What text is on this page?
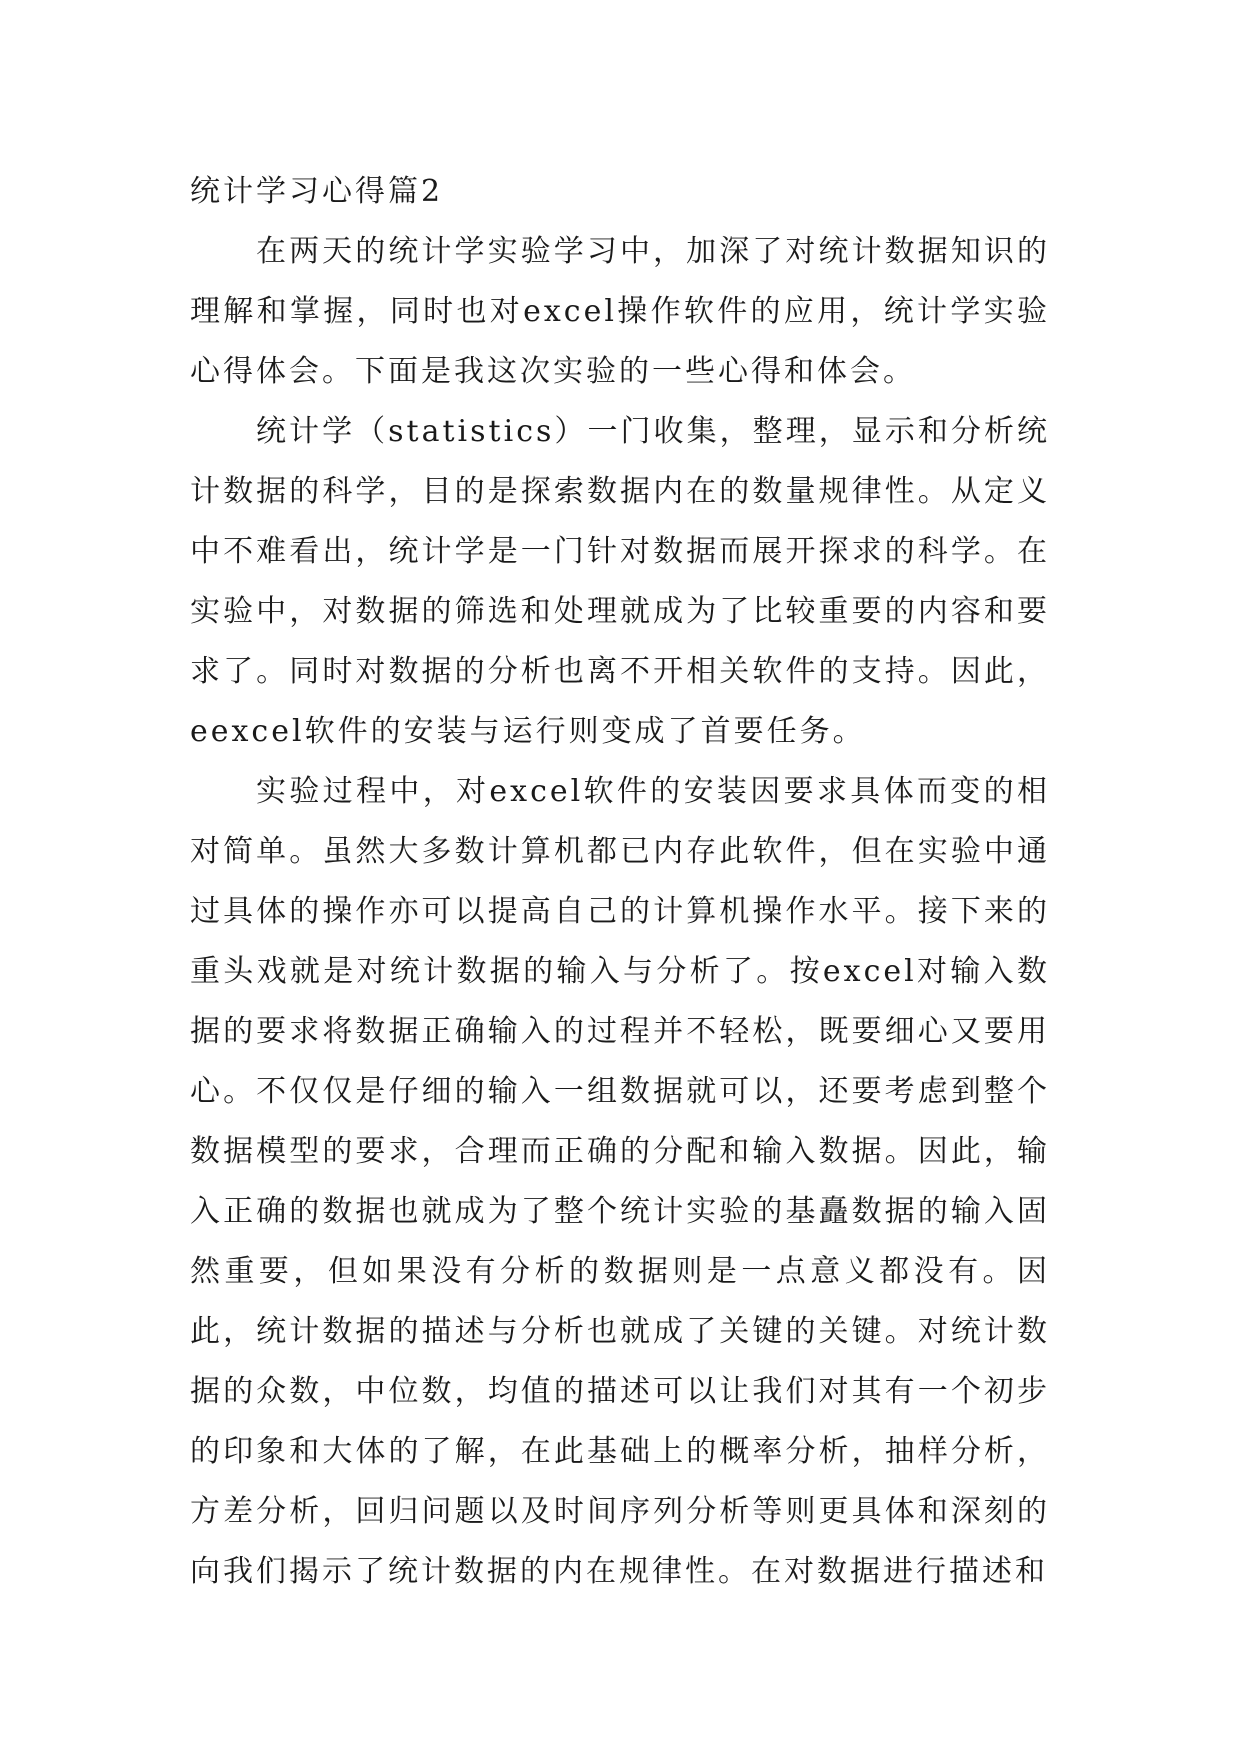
统计学习心得篇2

在两天的统计学实验学习中，加深了对统计数据知识的理解和掌握，同时也对excel操作软件的应用，统计学实验心得体会。下面是我这次实验的一些心得和体会。

统计学（statistics）一门收集，整理，显示和分析统计数据的科学，目的是探索数据内在的数量规律性。从定义中不难看出，统计学是一门针对数据而展开探求的科学。在实验中，对数据的筛选和处理就成为了比较重要的内容和要求了。同时对数据的分析也离不开相关软件的支持。因此，eexcel软件的安装与运行则变成了首要任务。

实验过程中，对excel软件的安装因要求具体而变的相对简单。虽然大多数计算机都已内存此软件，但在实验中通过具体的操作亦可以提高自己的计算机操作水平。接下来的重头戏就是对统计数据的输入与分析了。按excel对输入数据的要求将数据正确输入的过程并不轻松，既要细心又要用心。不仅仅是仔细的输入一组数据就可以，还要考虑到整个数据模型的要求，合理而正确的分配和输入数据。因此，输入正确的数据也就成为了整个统计实验的基矗数据的输入固然重要，但如果没有分析的数据则是一点意义都没有。因此，统计数据的描述与分析也就成了关键的关键。对统计数据的众数，中位数，均值的描述可以让我们对其有一个初步的印象和大体的了解，在此基础上的概率分析，抽样分析，方差分析，回归问题以及时间序列分析等则更具体和深刻的向我们揭示了统计数据的内在规律性。在对数据进行描述和
